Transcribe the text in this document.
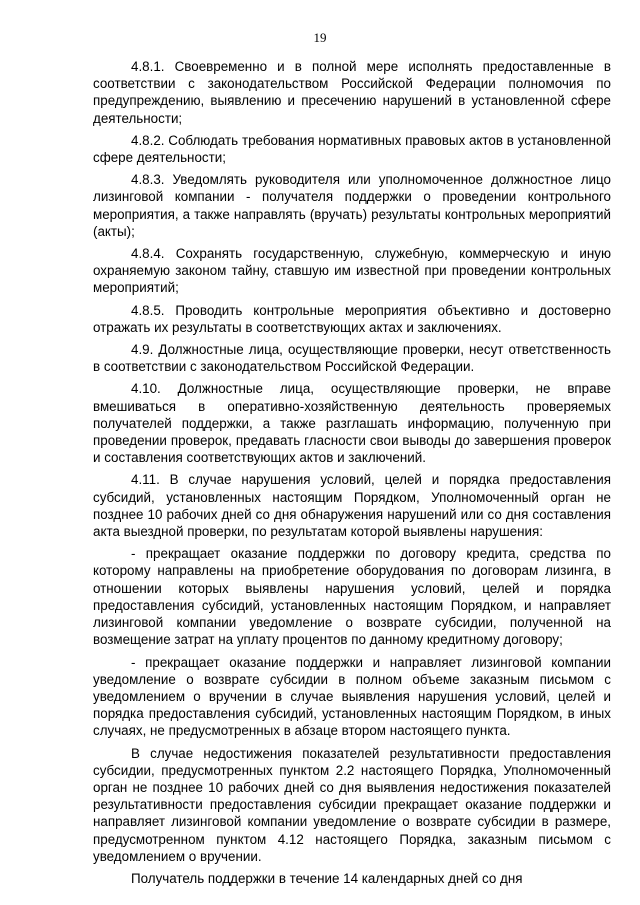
19

4.8.1. Своевременно и в полной мере исполнять предоставленные в соответствии с законодательством Российской Федерации полномочия по предупреждению, выявлению и пресечению нарушений в установленной сфере деятельности;

4.8.2. Соблюдать требования нормативных правовых актов в установленной сфере деятельности;

4.8.3. Уведомлять руководителя или уполномоченное должностное лицо лизинговой компании - получателя поддержки о проведении контрольного мероприятия, а также направлять (вручать) результаты контрольных мероприятий (акты);

4.8.4. Сохранять государственную, служебную, коммерческую и иную охраняемую законом тайну, ставшую им известной при проведении контрольных мероприятий;

4.8.5. Проводить контрольные мероприятия объективно и достоверно отражать их результаты в соответствующих актах и заключениях.

4.9. Должностные лица, осуществляющие проверки, несут ответственность в соответствии с законодательством Российской Федерации.

4.10. Должностные лица, осуществляющие проверки, не вправе вмешиваться в оперативно-хозяйственную деятельность проверяемых получателей поддержки, а также разглашать информацию, полученную при проведении проверок, предавать гласности свои выводы до завершения проверок и составления соответствующих актов и заключений.

4.11. В случае нарушения условий, целей и порядка предоставления субсидий, установленных настоящим Порядком, Уполномоченный орган не позднее 10 рабочих дней со дня обнаружения нарушений или со дня составления акта выездной проверки, по результатам которой выявлены нарушения:

- прекращает оказание поддержки по договору кредита, средства по которому направлены на приобретение оборудования по договорам лизинга, в отношении которых выявлены нарушения условий, целей и порядка предоставления субсидий, установленных настоящим Порядком, и направляет лизинговой компании уведомление о возврате субсидии, полученной на возмещение затрат на уплату процентов по данному кредитному договору;

- прекращает оказание поддержки и направляет лизинговой компании уведомление о возврате субсидии в полном объеме заказным письмом с уведомлением о вручении в случае выявления нарушения условий, целей и порядка предоставления субсидий, установленных настоящим Порядком, в иных случаях, не предусмотренных в абзаце втором настоящего пункта.

В случае недостижения показателей результативности предоставления субсидии, предусмотренных пунктом 2.2 настоящего Порядка, Уполномоченный орган не позднее 10 рабочих дней со дня выявления недостижения показателей результативности предоставления субсидии прекращает оказание поддержки и направляет лизинговой компании уведомление о возврате субсидии в размере, предусмотренном пунктом 4.12 настоящего Порядка, заказным письмом с уведомлением о вручении.

Получатель поддержки в течение 14 календарных дней со дня
